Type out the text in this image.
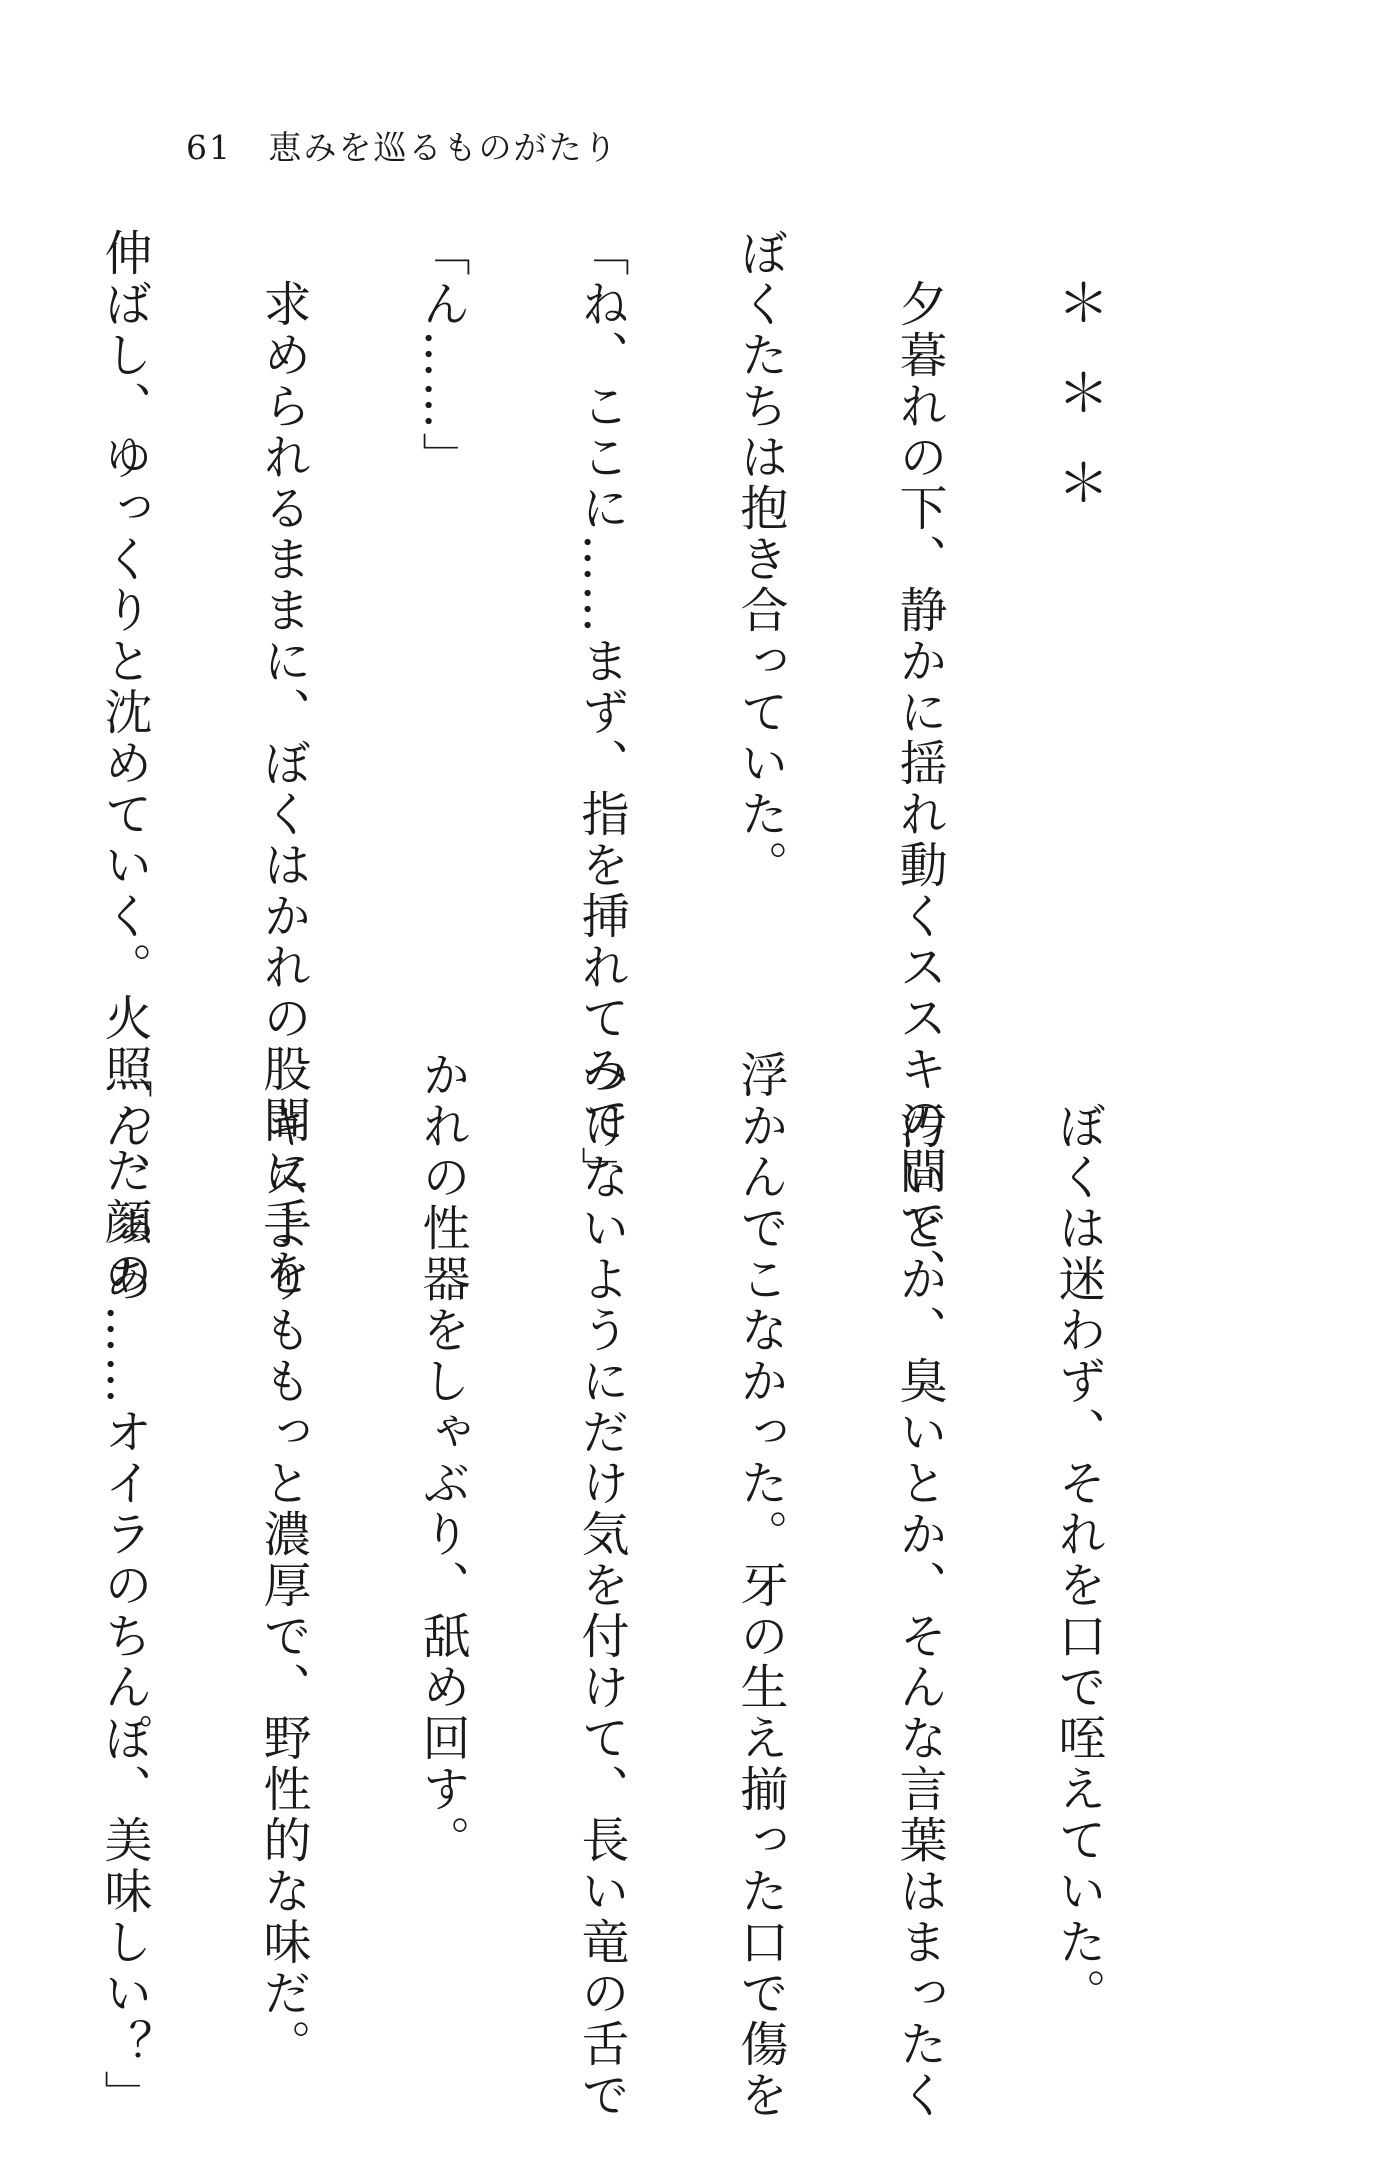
61 恵みを巡るものがたり

＊＊＊

　夕暮れの下、静かに揺れ動くススキの間で、

ぼくたちは抱き合っていた。

「ね、ここに……まず、指を挿れてみて」

「ん……」

　求められるままに、ぼくはかれの股間に手を

伸ばし、ゆっくりと沈めていく。火照った顔の

　ぼくは迷わず、それを口で咥えていた。

　汚いとか、臭いとか、そんな言葉はまったく

浮かんでこなかった。牙の生え揃った口で傷を

つけないようにだけ気を付けて、長い竜の舌で

かれの性器をしゃぶり、舐め回す。

　キスよりももっと濃厚で、野性的な味だ。

「ん、ぁあ……オイラのちんぽ、美味しい？」
